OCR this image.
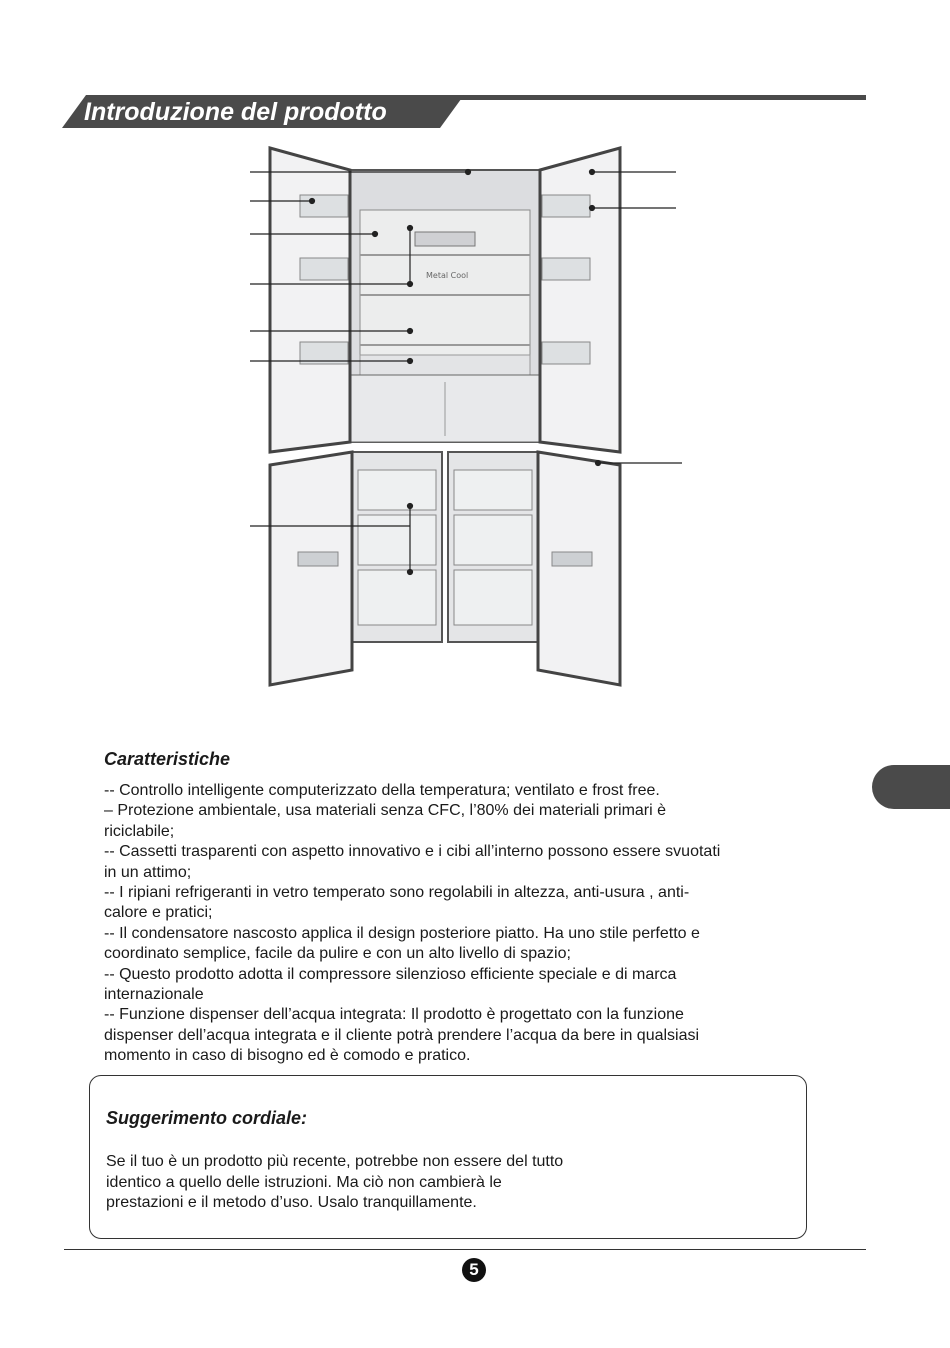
Introduzione del prodotto
Metal Cool
Caratteristiche
-- Controllo intelligente computerizzato della temperatura; ventilato e frost free.
– Protezione ambientale, usa materiali senza CFC, l’80% dei materiali primari è
riciclabile;
-- Cassetti trasparenti con aspetto innovativo e i cibi all’interno possono essere svuotati
in un attimo;
-- I ripiani refrigeranti in vetro temperato sono regolabili in altezza, anti-usura , anti-
calore e pratici;
-- Il condensatore nascosto applica il design posteriore piatto. Ha uno stile perfetto e
coordinato semplice, facile da pulire e con un alto livello di spazio;
-- Questo prodotto adotta il compressore silenzioso efficiente speciale e di marca
internazionale
-- Funzione dispenser dell’acqua integrata: Il prodotto è progettato con la funzione
dispenser dell’acqua integrata e il cliente potrà prendere l’acqua da bere in qualsiasi
momento in caso di bisogno ed è comodo e pratico.
Suggerimento cordiale:
Se il tuo è un prodotto più recente, potrebbe non essere del tutto
identico a quello delle istruzioni. Ma ciò non cambierà le
prestazioni e il metodo d’uso. Usalo tranquillamente.
5
